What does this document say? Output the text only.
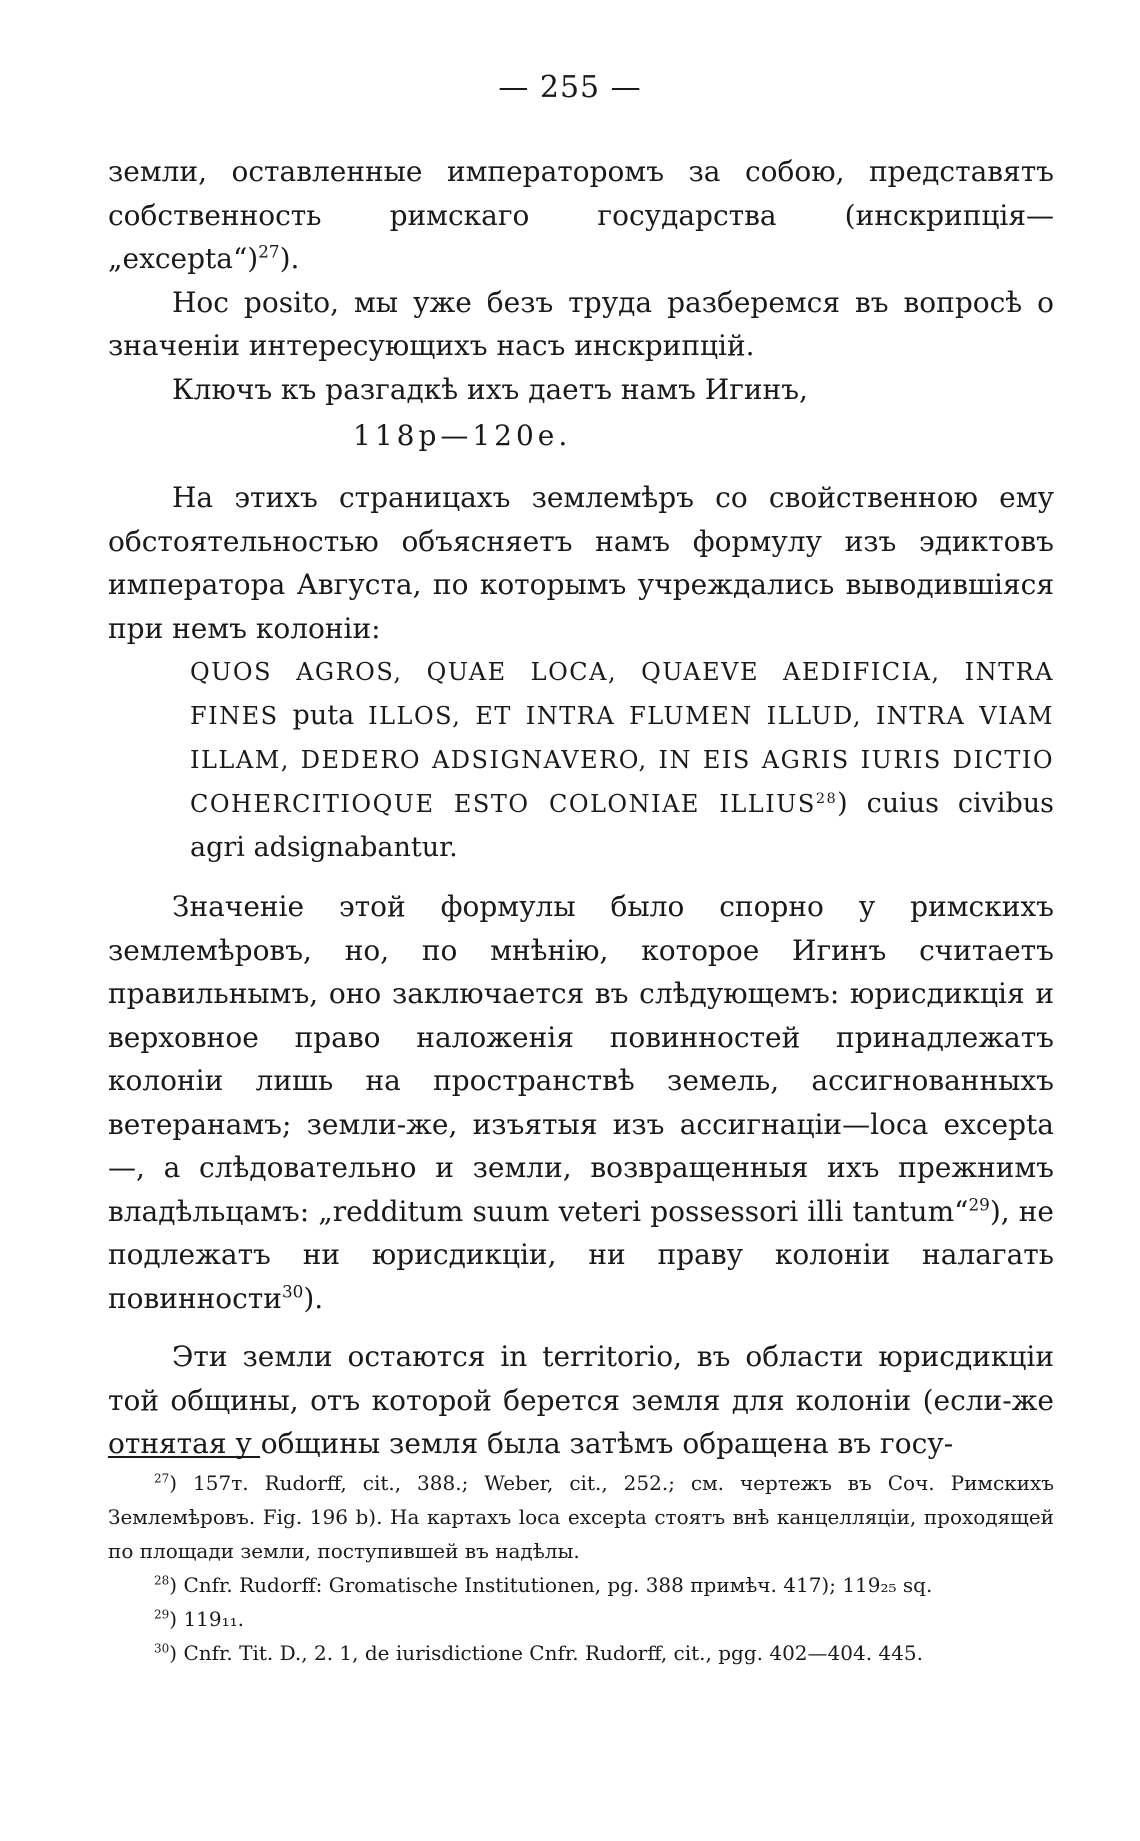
— 255 —

земли, оставленные императоромъ за собою, представятъ собственность римскаго государства (инскрипція—„excepta“)$^{27}$).

Hoc posito, мы уже безъ труда разберемся въ вопросѣ о значеніи интересующихъ насъ инскрипцій.

Ключъ къ разгадкѣ ихъ даетъ намъ Игинъ,

118р—120е.

На этихъ страницахъ землемѣръ со свойственною ему обстоятельностью объясняетъ намъ формулу изъ эдиктовъ императора Августа, по которымъ учреждались выводившіяся при немъ колоніи:

QUOS AGROS, QUAE LOCA, QUAEVE AEDIFICIA, INTRA FINES puta ILLOS, ET INTRA FLUMEN ILLUD, INTRA VIAM ILLAM, DEDERO ADSIGNAVERO, IN EIS AGRIS IURIS DICTIO COHERCITIOQUE ESTO COLONIAE ILLIUS$^{28}$) cuius civibus agri adsignabantur.

Значеніе этой формулы было спорно у римскихъ землемѣровъ, но, по мнѣнію, которое Игинъ считаетъ правильнымъ, оно заключается въ слѣдующемъ: юрисдикція и верховное право наложенія повинностей принадлежатъ колоніи лишь на пространствѣ земель, ассигнованныхъ ветеранамъ; земли-же, изъятыя изъ ассигнаціи—loca excepta—, а слѣдовательно и земли, возвращенныя ихъ прежнимъ владѣльцамъ: „redditum suum veteri possessori illi tantum“$^{29}$), не подлежатъ ни юрисдикціи, ни праву колоніи налагать повинности$^{30}$).

Эти земли остаются in territorio, въ области юрисдикціи той общины, отъ которой берется земля для колоніи (если-же отнятая у общины земля была затѣмъ обращена въ госу-

$^{27}$) 157т. Rudorff, cit., 388.; Weber, cit., 252.; см. чертежъ въ Соч. Римскихъ Землемѣровъ. Fig. 196 b). На картахъ loca excepta стоятъ внѣ канцелляціи, проходящей по площади земли, поступившей въ надѣлы.

$^{28}$) Cnfr. Rudorff: Gromatische Institutionen, pg. 388 примѣч. 417); 119₂₅ sq.

$^{29}$) 119₁₁.

$^{30}$) Cnfr. Tit. D., 2. 1, de iurisdictione Cnfr. Rudorff, cit., pgg. 402—404. 445.
